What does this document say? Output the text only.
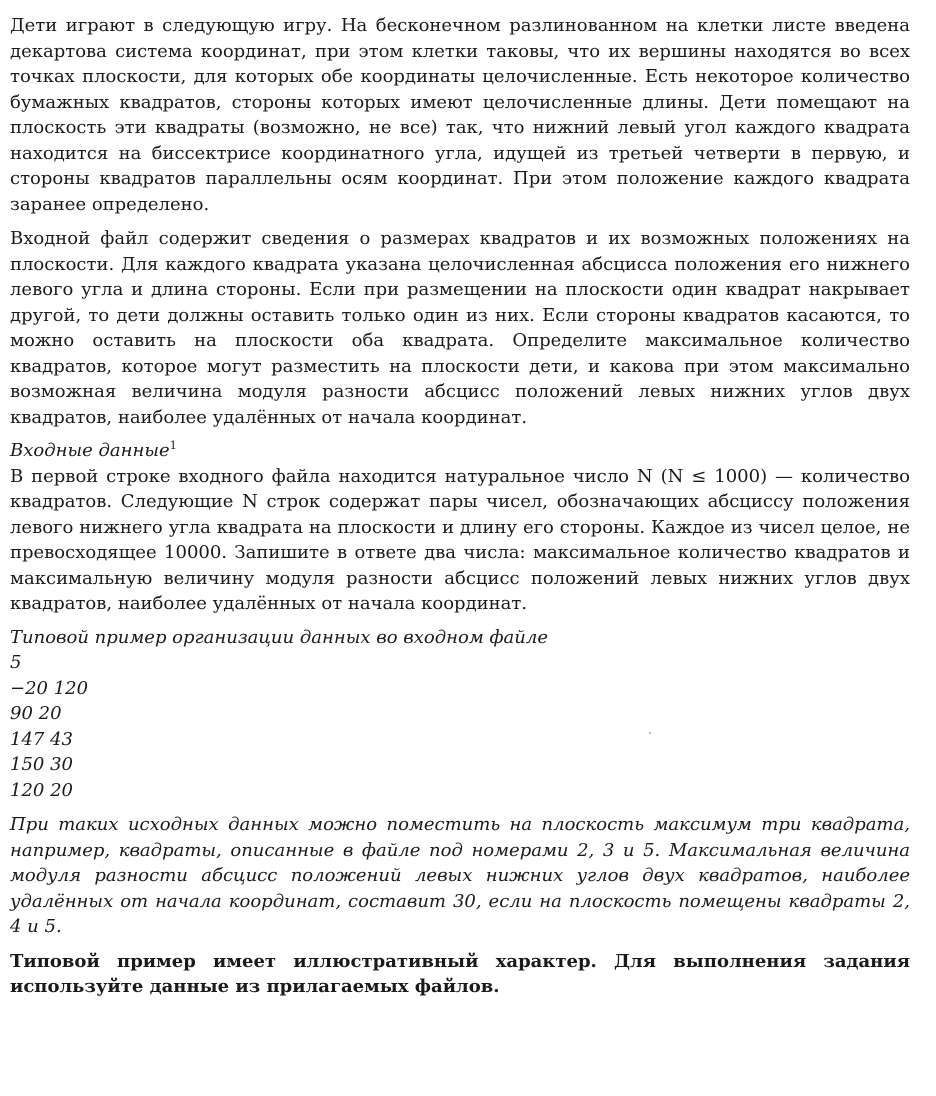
Дети играют в следующую игру. На бесконечном разлинованном на клетки листе введена декартова система координат, при этом клетки таковы, что их вершины находятся во всех точках плоскости, для которых обе координаты целочисленные. Есть некоторое количество бумажных квадратов, стороны которых имеют целочисленные длины. Дети помещают на плоскость эти квадраты (возможно, не все) так, что нижний левый угол каждого квадрата находится на биссектрисе координатного угла, идущей из третьей четверти в первую, и стороны квадратов параллельны осям координат. При этом положение каждого квадрата заранее определено.

Входной файл содержит сведения о размерах квадратов и их возможных положениях на плоскости. Для каждого квадрата указана целочисленная абсцисса положения его нижнего левого угла и длина стороны. Если при размещении на плоскости один квадрат накрывает другой, то дети должны оставить только один из них. Если стороны квадратов касаются, то можно оставить на плоскости оба квадрата. Определите максимальное количество квадратов, которое могут разместить на плоскости дети, и какова при этом максимально возможная величина модуля разности абсцисс положений левых нижних углов двух квадратов, наиболее удалённых от начала координат.

Входные данные$^1$

В первой строке входного файла находится натуральное число N (N ≤ 1000) — количество квадратов. Следующие N строк содержат пары чисел, обозначающих абсциссу положения левого нижнего угла квадрата на плоскости и длину его стороны. Каждое из чисел целое, не превосходящее 10000. Запишите в ответе два числа: максимальное количество квадратов и максимальную величину модуля разности абсцисс положений левых нижних углов двух квадратов, наиболее удалённых от начала координат.

Типовой пример организации данных во входном файле

5
−20 120
90 20
147 43
150 30
120 20

При таких исходных данных можно поместить на плоскость максимум три квадрата, например, квадраты, описанные в файле под номерами 2, 3 и 5. Максимальная величина модуля разности абсцисс положений левых нижних углов двух квадратов, наиболее удалённых от начала координат, составит 30, если на плоскость помещены квадраты 2, 4 и 5.

Типовой пример имеет иллюстративный характер. Для выполнения задания используйте данные из прилагаемых файлов.
